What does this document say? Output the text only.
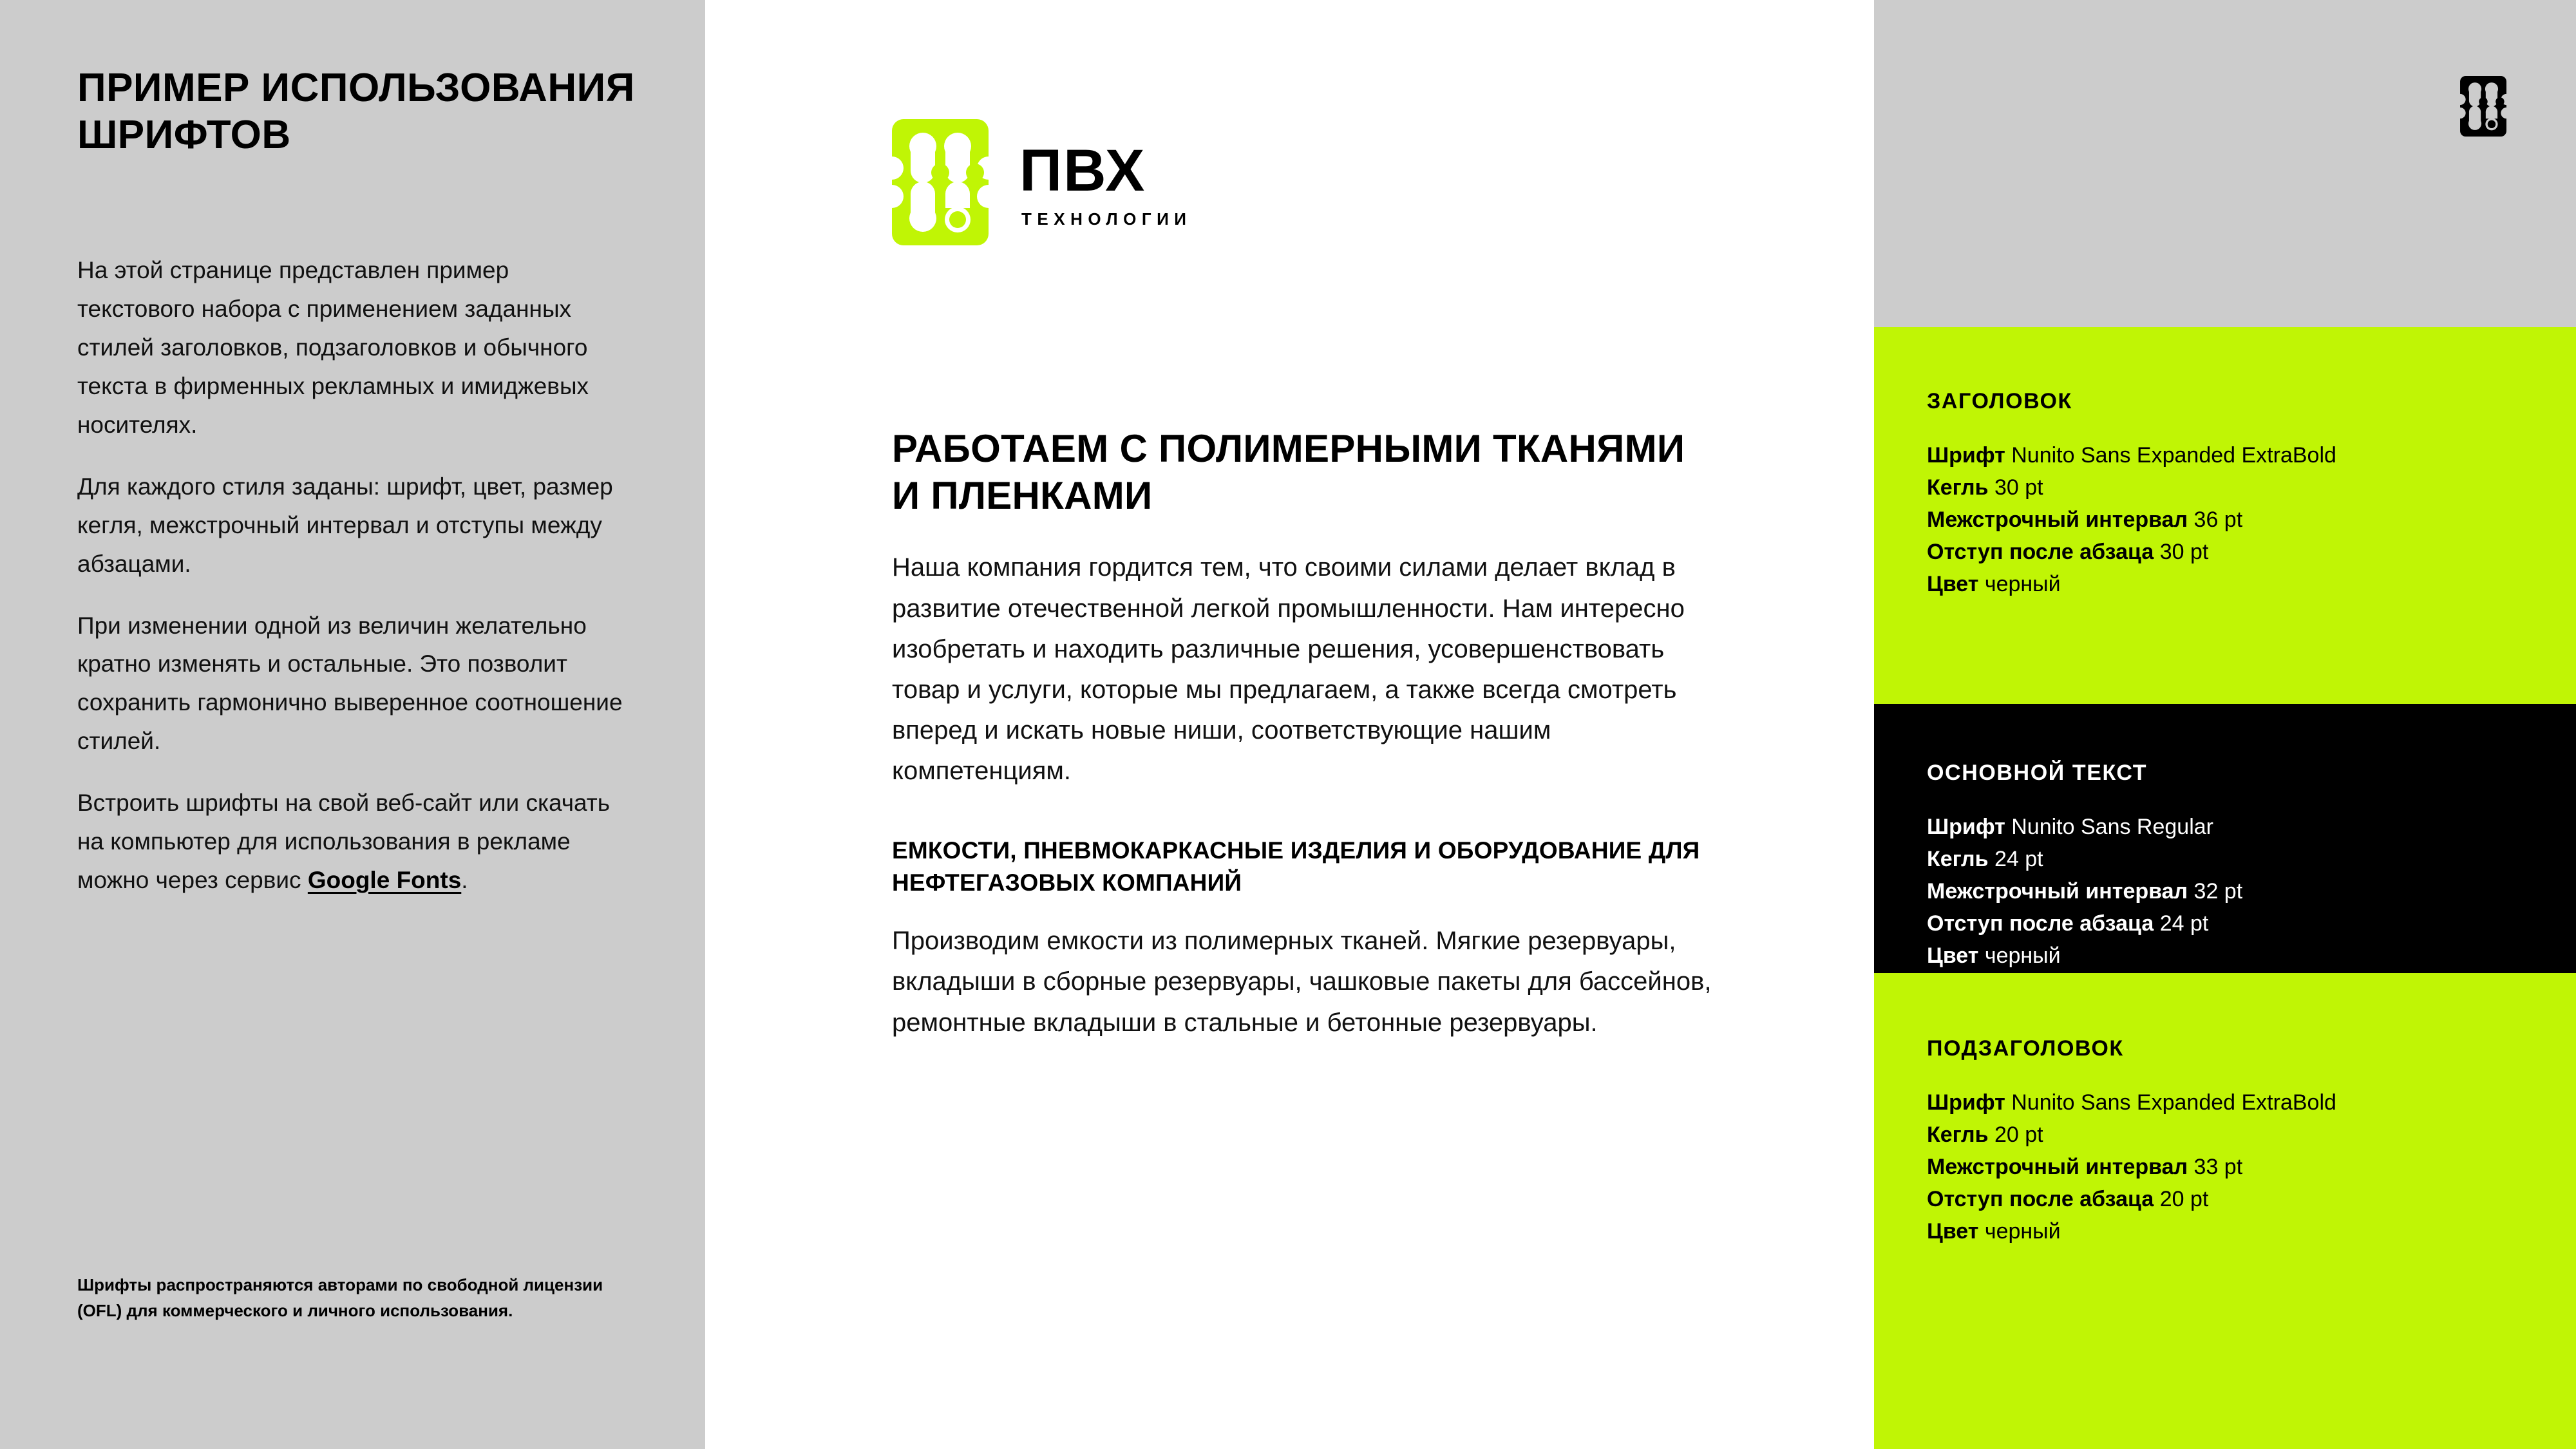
ПРИМЕР ИСПОЛЬЗОВАНИЯ ШРИФТОВ

На этой странице представлен пример текстового набора с применением заданных стилей заголовков, подзаголовков и обычного текста в фирменных рекламных и имиджевых носителях.

Для каждого стиля заданы: шрифт, цвет, размер кегля, межстрочный интервал и отступы между абзацами.

При изменении одной из величин желательно кратно изменять и остальные. Это позволит сохранить гармонично выверенное соотношение стилей.

Встроить шрифты на свой веб-сайт или скачать на компьютер для использования в рекламе можно через сервис Google Fonts.

Шрифты распространяются авторами по свободной лицензии (OFL) для коммерческого и личного использования.
ПВХ
ТЕХНОЛОГИИ
РАБОТАЕМ С ПОЛИМЕРНЫМИ ТКАНЯМИ И ПЛЕНКАМИ

Наша компания гордится тем, что своими силами делает вклад в развитие отечественной легкой промышленности. Нам интересно изобретать и находить различные решения, усовершенствовать товар и услуги, которые мы предлагаем, а также всегда смотреть вперед и искать новые ниши, соответствующие нашим компетенциям.

ЕМКОСТИ, ПНЕВМОКАРКАСНЫЕ ИЗДЕЛИЯ И ОБОРУДОВАНИЕ ДЛЯ НЕФТЕГАЗОВЫХ КОМПАНИЙ

Производим емкости из полимерных тканей. Мягкие резервуары, вкладыши в сборные резервуары, чашковые пакеты для бассейнов, ремонтные вкладыши в стальные и бетонные резервуары.

ЗАГОЛОВОК
Шрифт Nunito Sans Expanded ExtraBold
Кегль 30 pt
Межстрочный интервал 36 pt
Отступ после абзаца 30 pt
Цвет черный
ОСНОВНОЙ ТЕКСТ
Шрифт Nunito Sans Regular
Кегль 24 pt
Межстрочный интервал 32 pt
Отступ после абзаца 24 pt
Цвет черный
ПОДЗАГОЛОВОК
Шрифт Nunito Sans Expanded ExtraBold
Кегль 20 pt
Межстрочный интервал 33 pt
Отступ после абзаца 20 pt
Цвет черный
